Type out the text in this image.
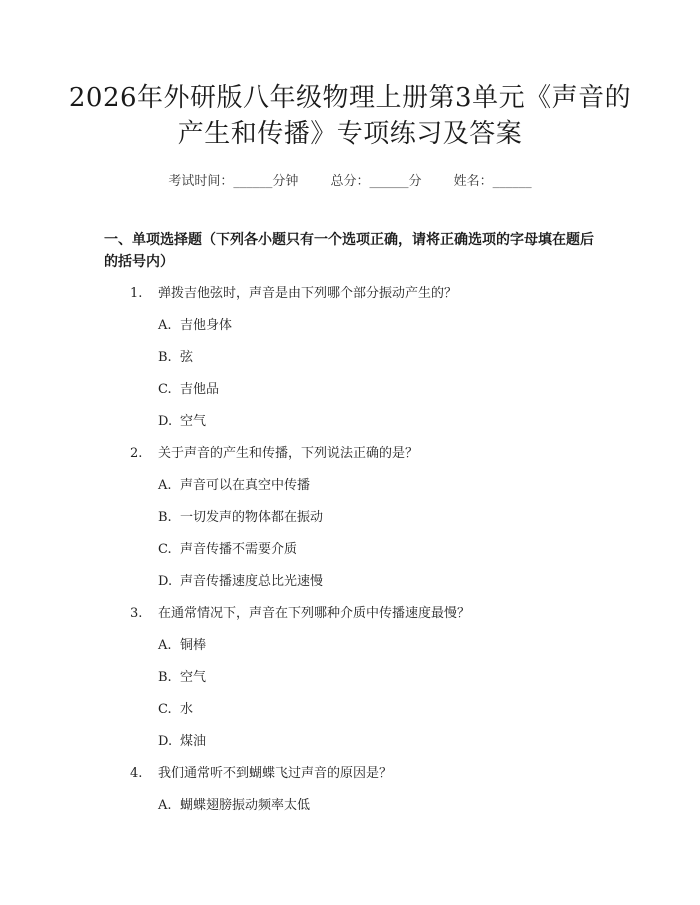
2026年外研版八年级物理上册第3单元《声音的产生和传播》专项练习及答案
考试时间：______分钟 总分：______分 姓名：______
一、单项选择题（下列各小题只有一个选项正确，请将正确选项的字母填在题后的括号内）
1. 弹拨吉他弦时，声音是由下列哪个部分振动产生的？
A. 吉他身体
B. 弦
C. 吉他品
D. 空气
2. 关于声音的产生和传播，下列说法正确的是？
A. 声音可以在真空中传播
B. 一切发声的物体都在振动
C. 声音传播不需要介质
D. 声音传播速度总比光速慢
3. 在通常情况下，声音在下列哪种介质中传播速度最慢？
A. 铜棒
B. 空气
C. 水
D. 煤油
4. 我们通常听不到蝴蝶飞过声音的原因是？
A. 蝴蝶翅膀振动频率太低
